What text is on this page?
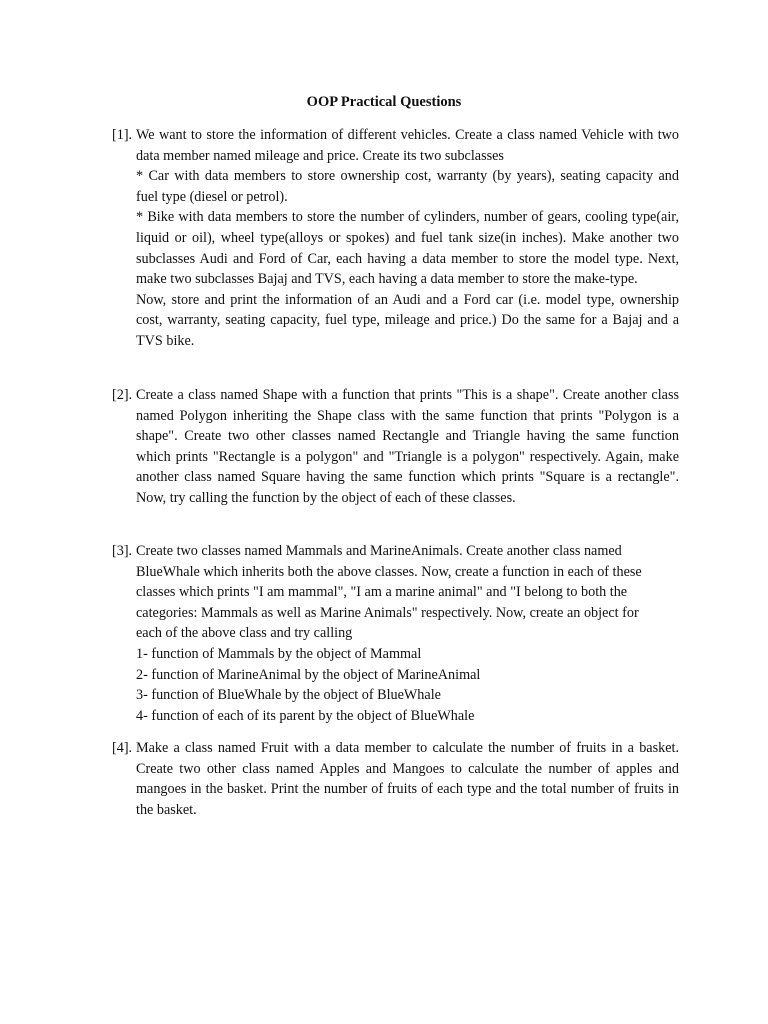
OOP Practical Questions
[1]. We want to store the information of different vehicles. Create a class named Vehicle with two data member named mileage and price. Create its two subclasses

* Car with data members to store ownership cost, warranty (by years), seating capacity and fuel type (diesel or petrol).

* Bike with data members to store the number of cylinders, number of gears, cooling type(air, liquid or oil), wheel type(alloys or spokes) and fuel tank size(in inches). Make another two subclasses Audi and Ford of Car, each having a data member to store the model type. Next, make two subclasses Bajaj and TVS, each having a data member to store the make-type.

Now, store and print the information of an Audi and a Ford car (i.e. model type, ownership cost, warranty, seating capacity, fuel type, mileage and price.) Do the same for a Bajaj and a TVS bike.

[2]. Create a class named Shape with a function that prints "This is a shape". Create another class named Polygon inheriting the Shape class with the same function that prints "Polygon is a shape". Create two other classes named Rectangle and Triangle having the same function which prints "Rectangle is a polygon" and "Triangle is a polygon" respectively. Again, make another class named Square having the same function which prints "Square is a rectangle". Now, try calling the function by the object of each of these classes.

[3]. Create two classes named Mammals and MarineAnimals. Create another class named

BlueWhale which inherits both the above classes. Now, create a function in each of these

classes which prints "I am mammal", "I am a marine animal" and "I belong to both the

categories: Mammals as well as Marine Animals" respectively. Now, create an object for

each of the above class and try calling

1- function of Mammals by the object of Mammal

2- function of MarineAnimal by the object of MarineAnimal

3- function of BlueWhale by the object of BlueWhale

4- function of each of its parent by the object of BlueWhale

[4]. Make a class named Fruit with a data member to calculate the number of fruits in a basket. Create two other class named Apples and Mangoes to calculate the number of apples and mangoes in the basket. Print the number of fruits of each type and the total number of fruits in the basket.
